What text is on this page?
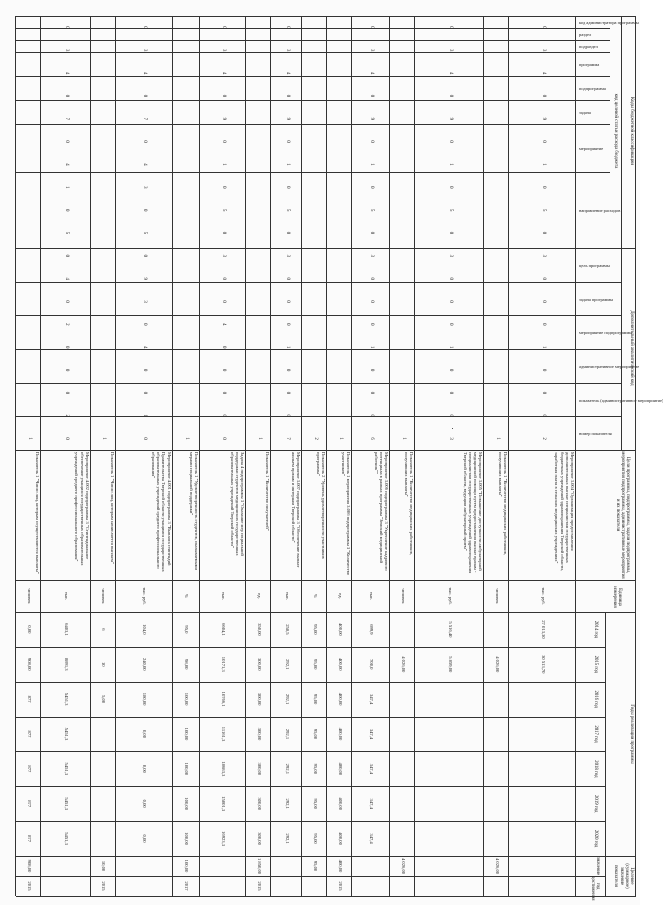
Коды бюджетной классификации
код целевой статьи расхода бюджета
Дополнительный аналитический код
Цели программы, подпрограммы, задачи подпрограммы, мероприятия подпрограммы, административные мероприятия и их показатели
Единица измерения
Годы реализации программы
Целевое (суммарное) значение показателя
значение
год достижения
2014 год
2015 год
2016 год
2017 год
2018 год
2019 год
2020 год
Мероприятие 3.004 "Организация предоставления дополнительных выплат специалистам государственных бюджетных учреждений здравоохранения Тверской области, заработная плата в сельских медицинских учреждениях"
тыс. руб.
27 013,30
30 513,70
0
3
4
0
9
0
1
0
5
0
3
0
0
0
1
0
0
0
2
Показатель 1 "Количество медицинских работников, получивших выплаты"
человек
4 026,00
4 026,00
1
Мероприятие 3.005 "Повышение доступности амбулаторной медицинской помощи путем предоставления выплат врачам - специалистам государственных учреждений здравоохранения Тверской области, ведущим амбулаторный прием"
тыс. руб.
5 516,40
5 859,00
0
3
4
0
9
0
1
0
5
0
3
0
0
0
1
0
0
0
3
Показатель 1 "Количество медицинских работников, получивших выплаты"
человек
4 026,00
4 026,00
1
Мероприятие 3.006 подпрограммы 3 "Укрепление кадрового потенциала в рамках программы "Земский медицинский работник""
тыс.
699,9
700,0
347,4
347,4
347,4
347,4
347,4
0
3
4
0
9
0
1
0
5
0
3
0
0
0
1
0
0
0
6
Показатель 1 мероприятия 3.006 подпрограммы 3 "Количество участников"
ед.
400,00
400,00
400,00
400,00
400,00
400,00
400,00
400,00
2015
1
Показатель 2 "Уровень удовлетворенности участников программы"
%
95,00
95,00
95,00
95,00
95,00
95,00
95,00
95,00
2
Мероприятие 3.007 подпрограммы 3 "Обеспечение выплат жильем врачам и интернам Тверской области"
тыс.
258,5
292,1
292,1
292,1
292,1
292,1
292,1
0
3
4
0
9
0
1
0
5
0
3
0
0
0
1
0
0
0
7
Показатель 1 "Количество получателей"
ед.
350,00
300,00
300,00
300,00
300,00
300,00
300,00
1 850,00
2015
1
Задача 4 подпрограммы 3 "Оказание мер социальной поддержки студентов медицинских государственных образовательных учреждений Тверской области"
тыс.
6604,1
10171,3
10766,1
11161,3
18683,3
15001,3
16923,3
0
3
4
0
9
0
1
0
5
0
3
0
0
4
0
0
0
0
0
Показатель 1 "Удовлетворенность студентов, оказываемыми мерами социальной поддержки"
%
95,0
98,00
100,00
100,00
100,00
100,00
100,00
100,00
2017
1
Мероприятие 4.001 подпрограммы 3 "Выплата стипендий Правительства Тверской области учащимся государственных образовательных учреждений среднего профессионального образования"
тыс. руб.
104,0
240,00
180,00
0,00
0,00
0,00
0,00
0
3
4
0
7
0
4
3
0
5
0
9
3
0
4
0
0
1
0
Показатель 1 "Число лиц, которым начисляется выплата"
человек
6
10
5,00
10,00
2015
1
Мероприятие 4.002 подпрограммы 3 "Стипендиальное обеспечение учащихся государственных образовательных учреждений среднего профессионального образования"
тыс.
6403,1
8891,3
5451,3
5451,3
5451,3
5451,3
5451,3
0
3
4
0
7
0
4
1
0
5
0
4
0
2
0
0
0
2
0
Показатель 1 "Число лиц, которым осуществляются выплаты"
человек
0,00
908,00
877
877
877
877
877
908,00
2015
1
код администратора программы
раздел
подраздел
программа
подпрограмма
задача
мероприятие
направление расходов
цель программы
задача программы
мероприятие подпрограммы
административное мероприятие
показатель (административное мероприятие)
номер показателя
